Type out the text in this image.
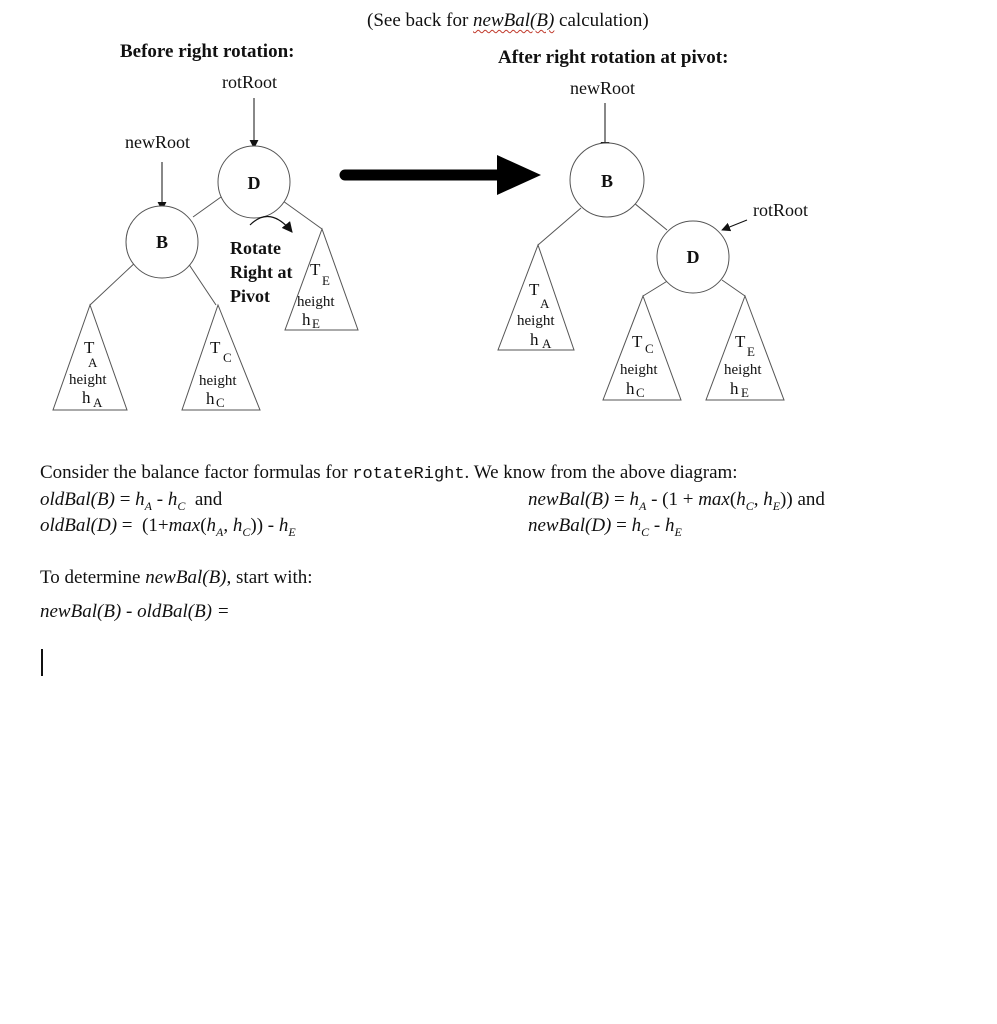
(See back for newBal(B) calculation)
Before right rotation:
rotRoot
newRoot
D
B	Rotate
Right at
Pivot
T
E
height
h E
T
A
height
h A
T
C
height
h C
After right rotation at pivot:
newRoot
rotRoot
B
D
T
A
height
h A	T C
height
h C
T
E
height
h E
Consider the balance factor formulas for rotateRight. We know from the above diagram:
oldBal(B) = $h_A - h_C$  and
oldBal(D) =  ($1+\max(h_A$, $h_C)) - h_E$
newBal(B) = $h_A - (1 + \max(h_C$, $h_E$)) and
newBal(D) = $h_C - h_E$
To determine newBal(B), start with:
newBal(B) - oldBal(B) =
